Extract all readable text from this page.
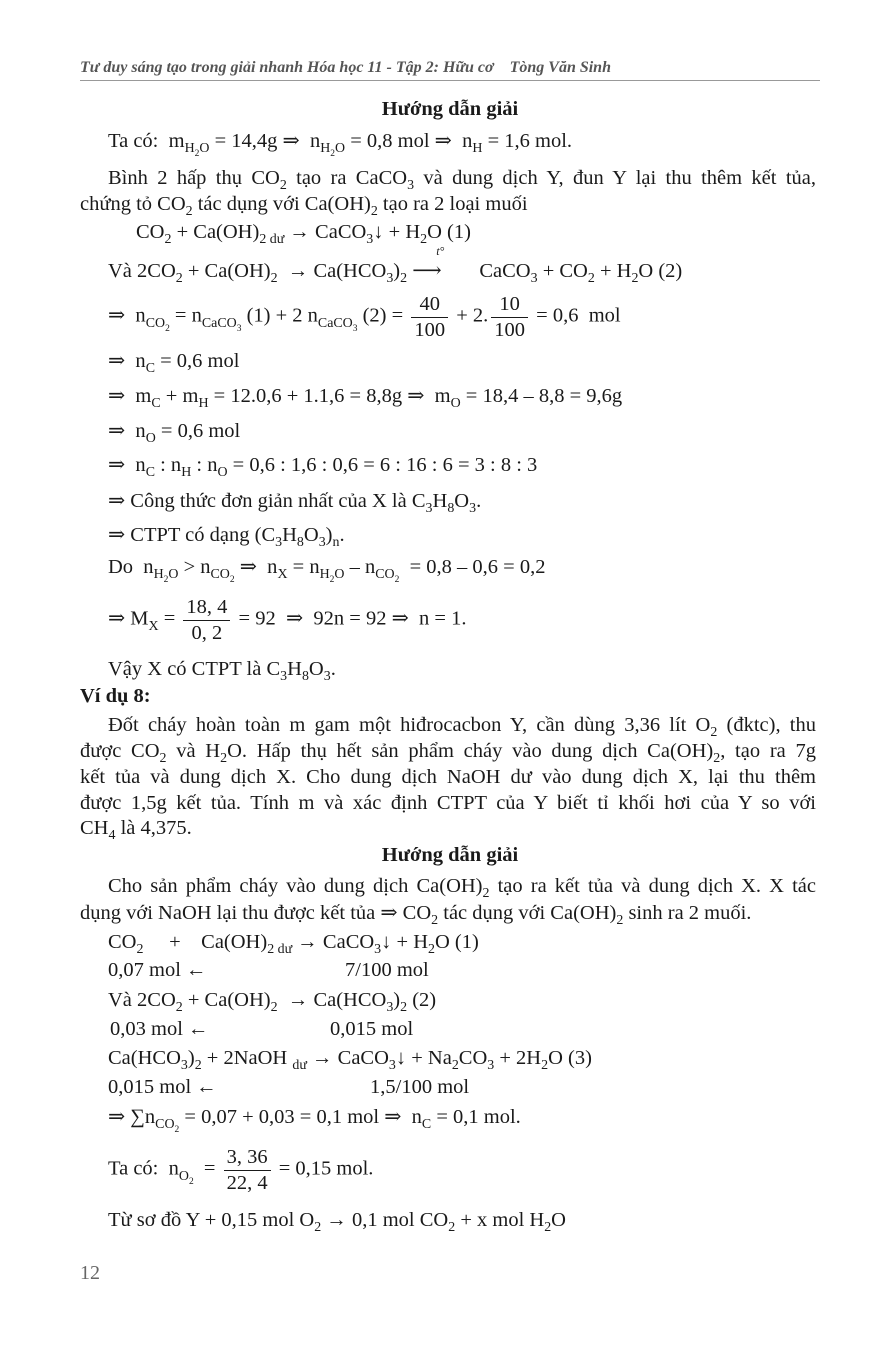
Tư duy sáng tạo trong giải nhanh Hóa học 11 - Tập 2: Hữu cơ Tòng Văn Sinh
Hướng dẫn giải
Ta có:  $m_{H_2O} = 14,4g$ ⇒  $n_{H_2O} = 0,8$ mol ⇒  $n_H = 1,6$ mol.
Bình 2 hấp thụ $CO_2$ tạo ra CaCO$_3$ và dung dịch Y, đun Y lại thu thêm kết tủa,
chứng tỏ $CO_2$ tác dụng với $Ca(OH)_2$ tạo ra 2 loại muối
$CO_2 + Ca(OH)_{2 dư}$ → CaCO$_3$↓ + $H_2O$ (1)
Và $2CO_2 + Ca(OH)_2 \to Ca(HCO_3)_2$
t°
⟶ CaCO$_3$ + $CO_2 + H_2O$ (2)
⇒  $n_{CO_2} = n_{CaCO_3}$ (1) + 2 $n_{CaCO_3}$ $(2) = \frac{40}{100} + 2$. $\frac{10}{100} = 0,6$  mol
⇒  $n_C = 0,6$ mol
⇒  $m_C + m_H = 12.0,6 + 1.1,6 = 8,8g$ ⇒  $m_O = 18,4 - 8,8 = 9,6g$
⇒  $n_O = 0,6$ mol
⇒  $n_C$ : $n_H$ : $n_O = 0,6$ : 1,6 : 0,6 = 6 : 16 : 6 = 3 : 8 : 3
⇒ Công thức đơn giản nhất của X là $C_3H_8O_3$.
⇒ CTPT có dạng $(C_3H_8O_3)_n$.
Do  $n_{H_2O} > n_{CO_2}$ ⇒  $n_X = n_{H_2O} - n_{CO_2} = 0,8 - 0,6 = 0,2$
⇒ $M_X = \frac{18, 4}{0, 2} = 92$  ⇒  92n = 92 ⇒  n = 1.
Vậy X có CTPT là $C_3H_8O_3$.
Ví dụ 8:
Đốt cháy hoàn toàn m gam một hiđrocacbon Y, cần dùng 3,36 lít $O_2$ (đktc), thu
được $CO_2$ và $H_2O$. Hấp thụ hết sản phẩm cháy vào dung dịch $Ca(OH)_2$, tạo ra 7g
kết tủa và dung dịch X. Cho dung dịch NaOH dư vào dung dịch X, lại thu thêm
được 1,5g kết tủa. Tính m và xác định CTPT của Y biết tỉ khối hơi của Y so với
$CH_4$ là 4,375.
Hướng dẫn giải
Cho sản phẩm cháy vào dung dịch $Ca(OH)_2$ tạo ra kết tủa và dung dịch X. X tác
dụng với NaOH lại thu được kết tủa ⇒ $CO_2$ tác dụng với $Ca(OH)_2$ sinh ra 2 muối.
$CO_2$     +    $Ca(OH)_{2 dư}$ → CaCO$_3$↓ + $H_2O$ (1)
0,07 mol ←	7/100 mol
Và $2CO_2 + Ca(OH)_2 \to Ca(HCO_3)_2$ (2)
0,03 mol ←	0,015 mol
$Ca(HCO_3)_2$ + 2NaOH $_{dư}$ → CaCO$_3$↓ + $Na_2CO_3 + 2H_2O$ (3)
0,015 mol ←	1,5/100 mol
⇒ $\sum n_{CO_2} = 0,07 + 0,03 = 0,1$ mol ⇒  $n_C = 0,1$ mol.
Ta có:  $n_{O_2} = \frac{3, 36}{22, 4} = 0,15$ mol.
Từ sơ đồ Y + 0,15 mol $O_2 \to 0,1$ mol $CO_2 + x$ mol $H_2O$
12
